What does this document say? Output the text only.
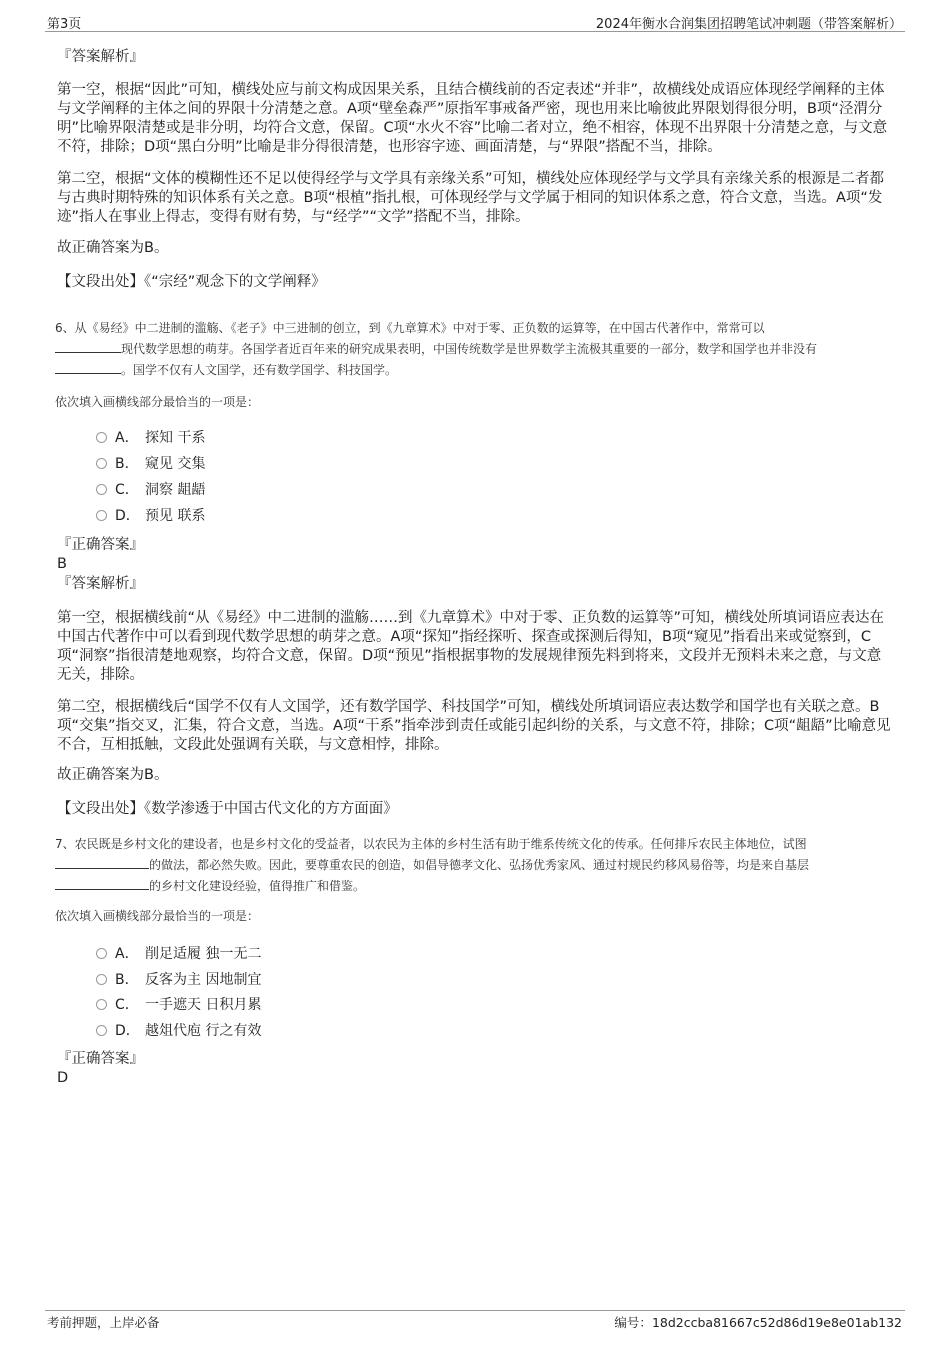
第3页	2024年衡水合润集团招聘笔试冲刺题（带答案解析）
『答案解析』
第一空，根据“因此”可知，横线处应与前文构成因果关系，且结合横线前的否定表述“并非”，故横线处成语应体现经学阐释的主体与文学阐释的主体之间的界限十分清楚之意。A项“壁垒森严”原指军事戒备严密，现也用来比喻彼此界限划得很分明，B项“泾渭分明”比喻界限清楚或是非分明，均符合文意，保留。C项“水火不容”比喻二者对立，绝不相容，体现不出界限十分清楚之意，与文意不符，排除；D项“黑白分明”比喻是非分得很清楚，也形容字迹、画面清楚，与“界限”搭配不当，排除。
第二空，根据“文体的模糊性还不足以使得经学与文学具有亲缘关系”可知，横线处应体现经学与文学具有亲缘关系的根源是二者都与古典时期特殊的知识体系有关之意。B项“根植”指扎根，可体现经学与文学属于相同的知识体系之意，符合文意，当选。A项“发迹”指人在事业上得志，变得有财有势，与“经学”“文学”搭配不当，排除。
故正确答案为B。
【文段出处】《“宗经”观念下的文学阐释》
6、从《易经》中二进制的滥觞、《老子》中三进制的创立，到《九章算术》中对于零、正负数的运算等，在中国古代著作中，常常可以
现代数学思想的萌芽。各国学者近百年来的研究成果表明，中国传统数学是世界数学主流极其重要的一部分，数学和国学也并非没有
。国学不仅有人文国学，还有数学国学、科技国学。
依次填入画横线部分最恰当的一项是：
A． 探知 干系
B． 窥见 交集
C． 洞察 龃龉
D． 预见 联系
『正确答案』
B
『答案解析』
第一空，根据横线前“从《易经》中二进制的滥觞……到《九章算术》中对于零、正负数的运算等”可知，横线处所填词语应表达在中国古代著作中可以看到现代数学思想的萌芽之意。A项“探知”指经探听、探查或探测后得知，B项“窥见”指看出来或觉察到，C项“洞察”指很清楚地观察，均符合文意，保留。D项“预见”指根据事物的发展规律预先料到将来，文段并无预料未来之意，与文意无关，排除。
第二空，根据横线后“国学不仅有人文国学，还有数学国学、科技国学”可知，横线处所填词语应表达数学和国学也有关联之意。B项“交集”指交叉，汇集，符合文意，当选。A项“干系”指牵涉到责任或能引起纠纷的关系，与文意不符，排除；C项“龃龉”比喻意见不合，互相抵触，文段此处强调有关联，与文意相悖，排除。
故正确答案为B。
【文段出处】《数学渗透于中国古代文化的方方面面》
7、农民既是乡村文化的建设者，也是乡村文化的受益者，以农民为主体的乡村生活有助于维系传统文化的传承。任何排斥农民主体地位，试图
的做法，都必然失败。因此，要尊重农民的创造，如倡导德孝文化、弘扬优秀家风、通过村规民约移风易俗等，均是来自基层
的乡村文化建设经验，值得推广和借鉴。
依次填入画横线部分最恰当的一项是：
A． 削足适履 独一无二
B． 反客为主 因地制宜
C． 一手遮天 日积月累
D． 越俎代庖 行之有效
『正确答案』
D
考前押题，上岸必备	编号：18d2ccba81667c52d86d19e8e01ab132
